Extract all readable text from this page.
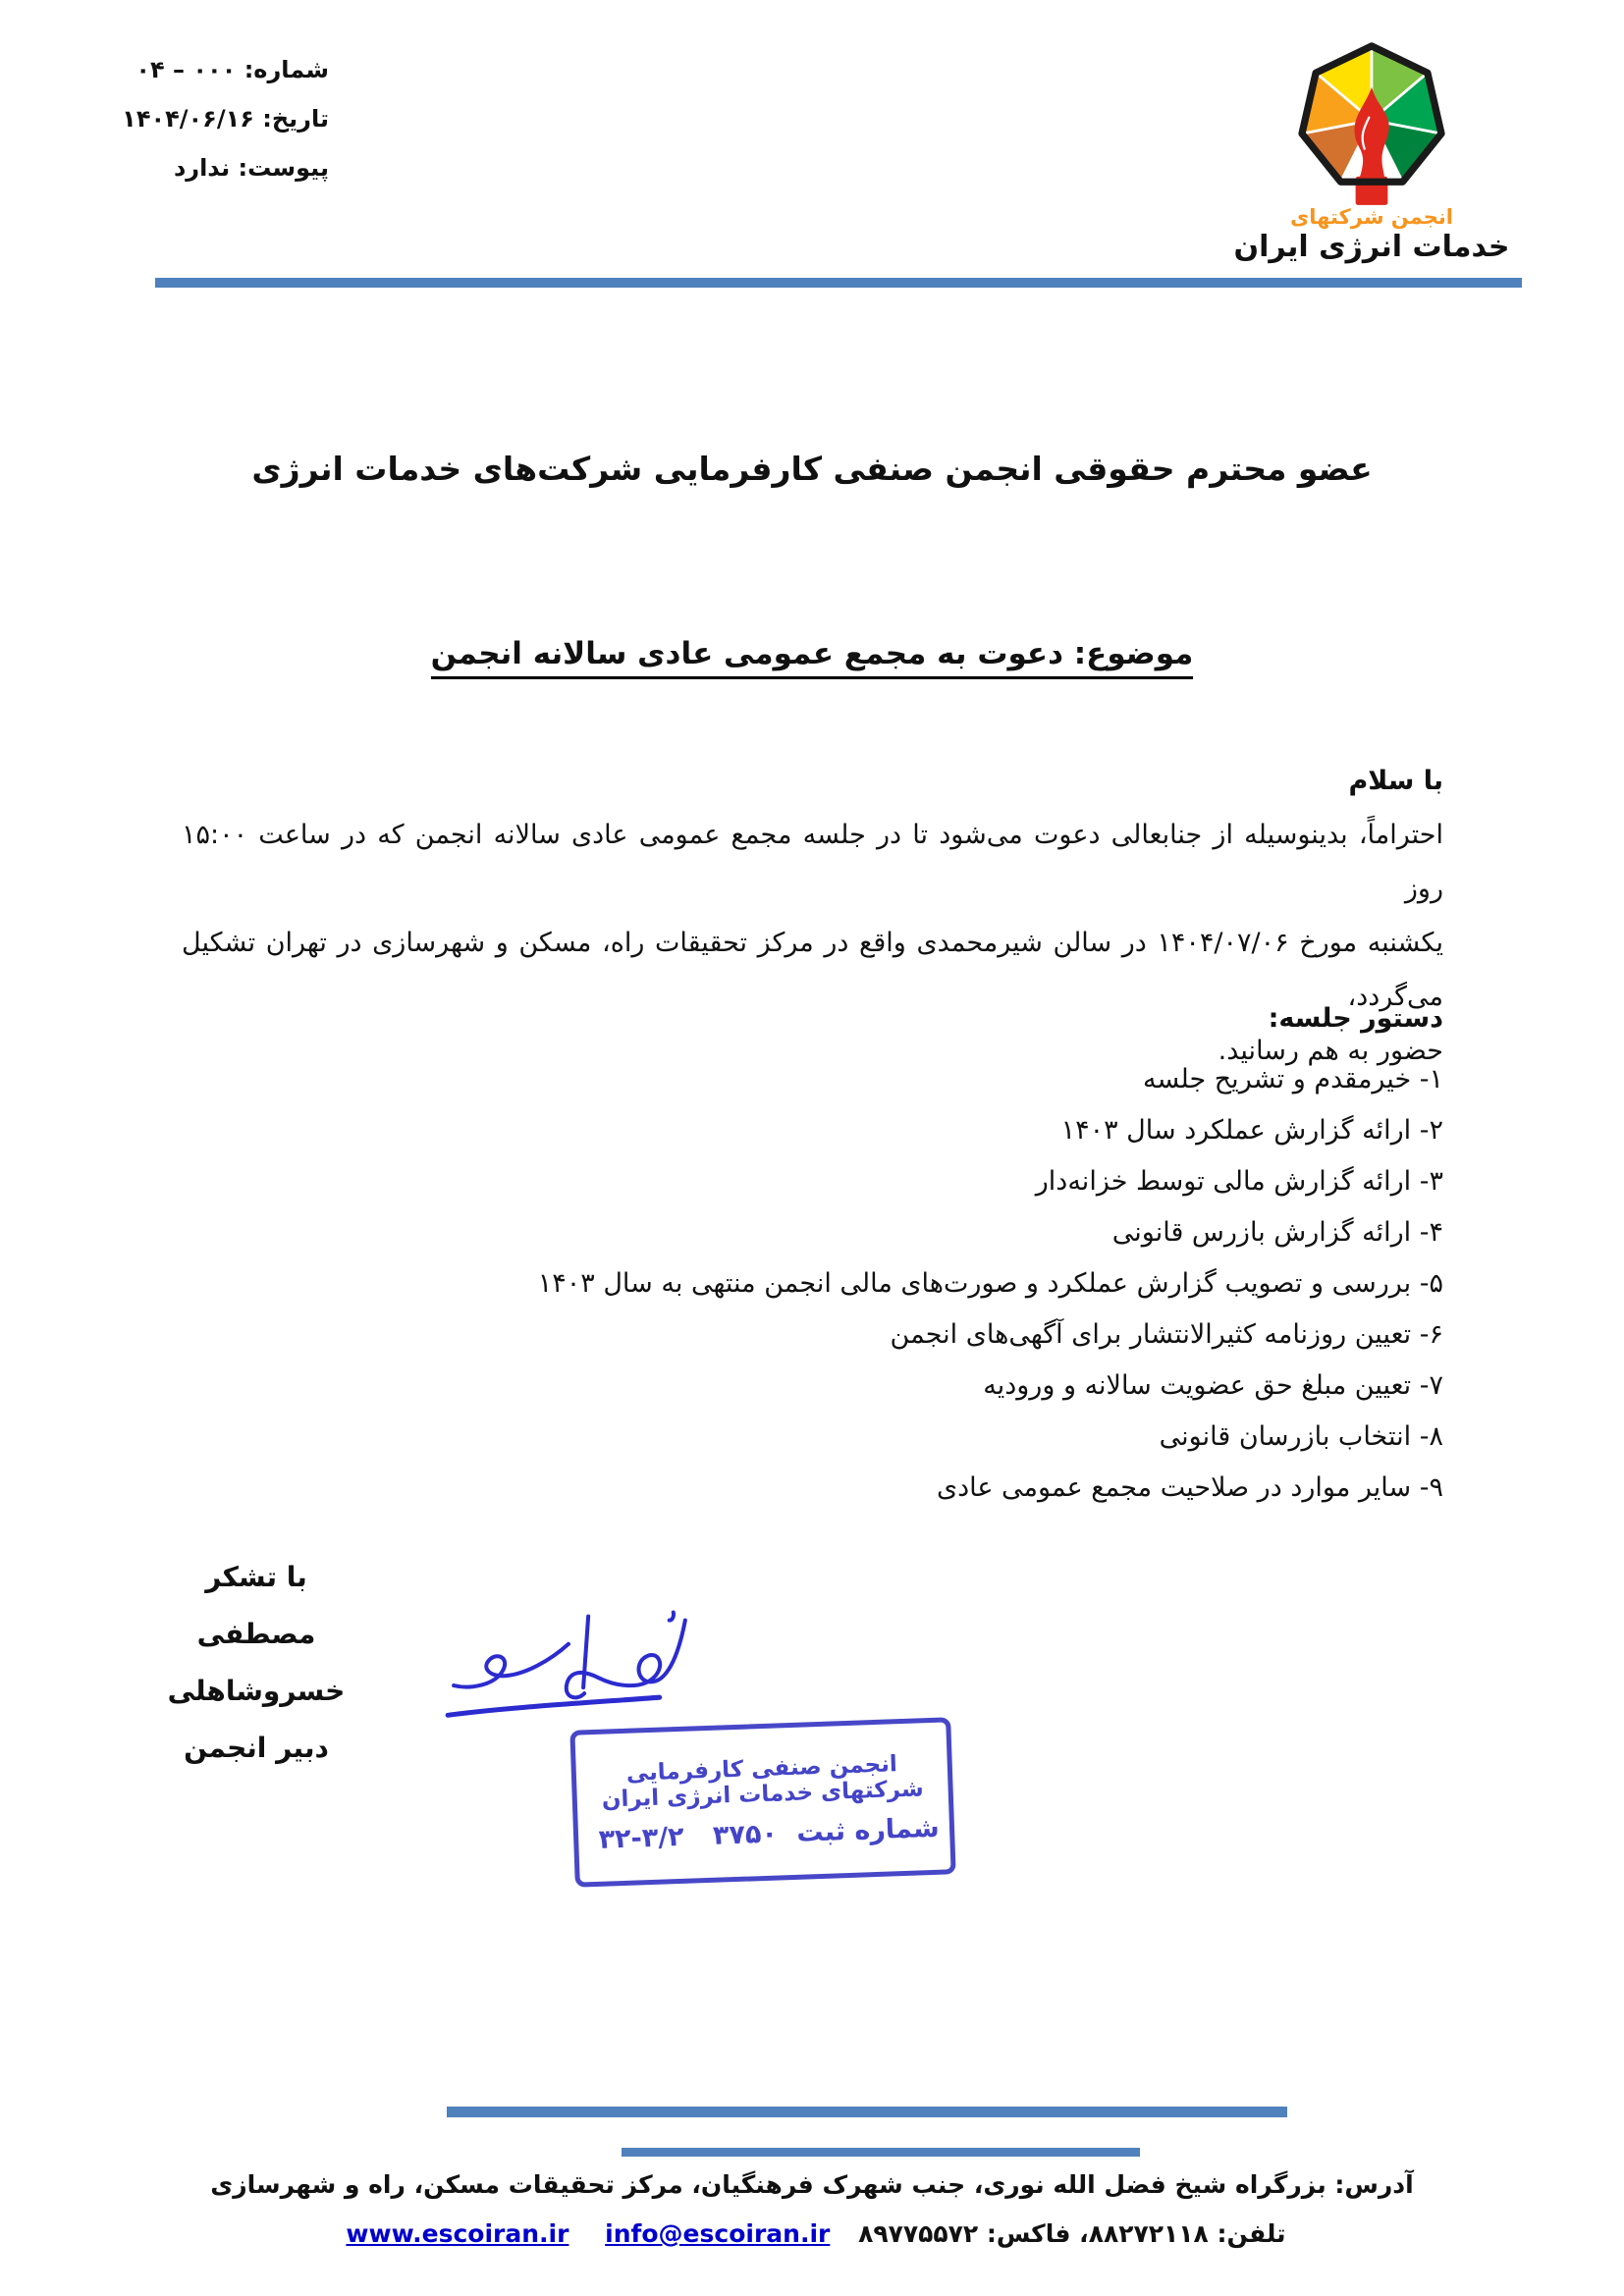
شماره: ۰۰۰ – ۰۴
تاریخ: ۱۴۰۴/۰۶/۱۶
پیوست: ندارد
انجمن شرکتهای
خدمات انرژی ایران
عضو محترم حقوقی انجمن صنفی کارفرمایی شرکت‌های خدمات انرژی
موضوع: دعوت به مجمع عمومی عادی سالانه انجمن
با سلام
احتراماً، بدینوسیله از جنابعالی دعوت می‌شود تا در جلسه مجمع عمومی عادی سالانه انجمن که در ساعت ۱۵:۰۰ روز
یکشنبه مورخ ۱۴۰۴/۰۷/۰۶ در سالن شیرمحمدی واقع در مرکز تحقیقات راه، مسکن و شهرسازی در تهران تشکیل می‌گردد،
حضور به هم رسانید.
دستور جلسه:
۱- خیرمقدم و تشریح جلسه
۲- ارائه گزارش عملکرد سال ۱۴۰۳
۳- ارائه گزارش مالی توسط خزانه‌دار
۴- ارائه گزارش بازرس قانونی
۵- بررسی و تصویب گزارش عملکرد و صورت‌های مالی انجمن منتهی به سال ۱۴۰۳
۶- تعیین روزنامه کثیرالانتشار برای آگهی‌های انجمن
۷- تعیین مبلغ حق عضویت سالانه و ورودیه
۸- انتخاب بازرسان قانونی
۹- سایر موارد در صلاحیت مجمع عمومی عادی
با تشکر
مصطفی خسروشاهلی
دبیر انجمن
انجمن صنفی کارفرمایی شرکتهای خدمات انرژی ایران
شماره ثبت ۳۷۵۰ ۳۲-۳/۲
آدرس: بزرگراه شیخ فضل الله نوری، جنب شهرک فرهنگیان، مرکز تحقیقات مسکن، راه و شهرسازی
تلفن: ۸۸۲۷۲۱۱۸، فاکس: ۸۹۷۷۵۵۷۲ www.escoiran.ir info@escoiran.ir
